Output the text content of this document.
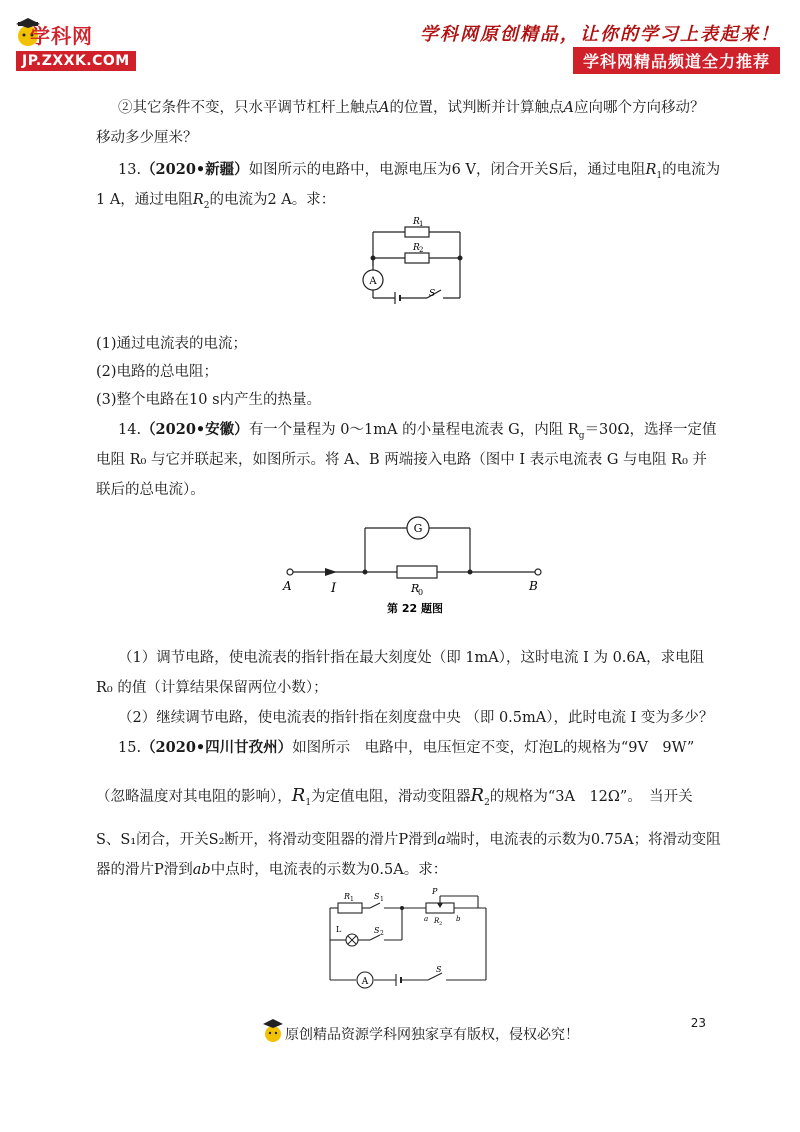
学科网
JP.ZXXK.COM
学科网原创精品，让你的学习上表起来！
学科网精品频道全力推荐
②其它条件不变，只水平调节杠杆上触点A的位置，试判断并计算触点A应向哪个方向移动？
移动多少厘米？
13.（2020•新疆）如图所示的电路中，电源电压为6 V，闭合开关S后，通过电阻$R_1$的电流为
1 A，通过电阻$R_2$的电流为2 A。求：
A
R 1
R 2
S
(1)通过电流表的电流；
(2)电路的总电阻；
(3)整个电路在10 s内产生的热量。
14.（2020•安徽）有一个量程为 0～1mA 的小量程电流表 G，内阻 $R_g=30\Omega$，选择一定值
电阻 R₀ 与它并联起来，如图所示。将 A、B 两端接入电路（图中 I 表示电流表 G 与电阻 R₀ 并
联后的总电流）。
G
A	B
I	R
0
第 22 题图
（1）调节电路，使电流表的指针指在最大刻度处（即 1mA），这时电流 I 为 0.6A，求电阻
R₀ 的值（计算结果保留两位小数）；
（2）继续调节电路，使电流表的指针指在刻度盘中央 （即 0.5mA），此时电流 I 变为多少？
15.（2020•四川甘孜州）如图所示　电路中，电压恒定不变，灯泡L的规格为“9V　9W”
（忽略温度对其电阻的影响），$R_1$为定值电阻，滑动变阻器$R_2$的规格为“3A　12Ω”。　当开关
S、S₁闭合，开关S₂断开，将滑动变阻器的滑片P滑到a端时，电流表的示数为0.75A；将滑动变阻
器的滑片P滑到ab中点时，电流表的示数为0.5A。求：
A
R 1	S 1
L	S 2
P
a	b
R 2
S
23
原创精品资源学科网独家享有版权，侵权必究！
